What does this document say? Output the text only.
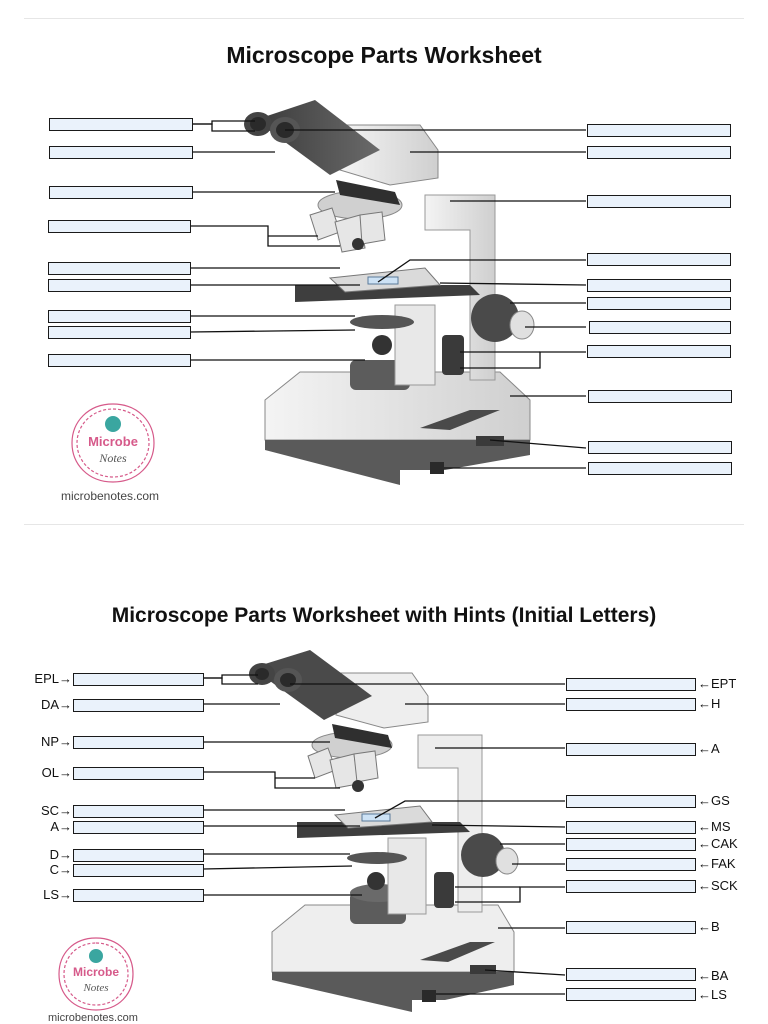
Microscope Parts Worksheet
Microbe
Notes
microbenotes.com
Microscope Parts Worksheet with Hints (Initial Letters)
EPL→
DA→
NP→
OL→
SC→
A→
D→
C→
LS→
←EPT
←H
←A
←GS
←MS
←CAK
←FAK
←SCK
←B
←BA
←LS
Microbe
Notes
microbenotes.com
